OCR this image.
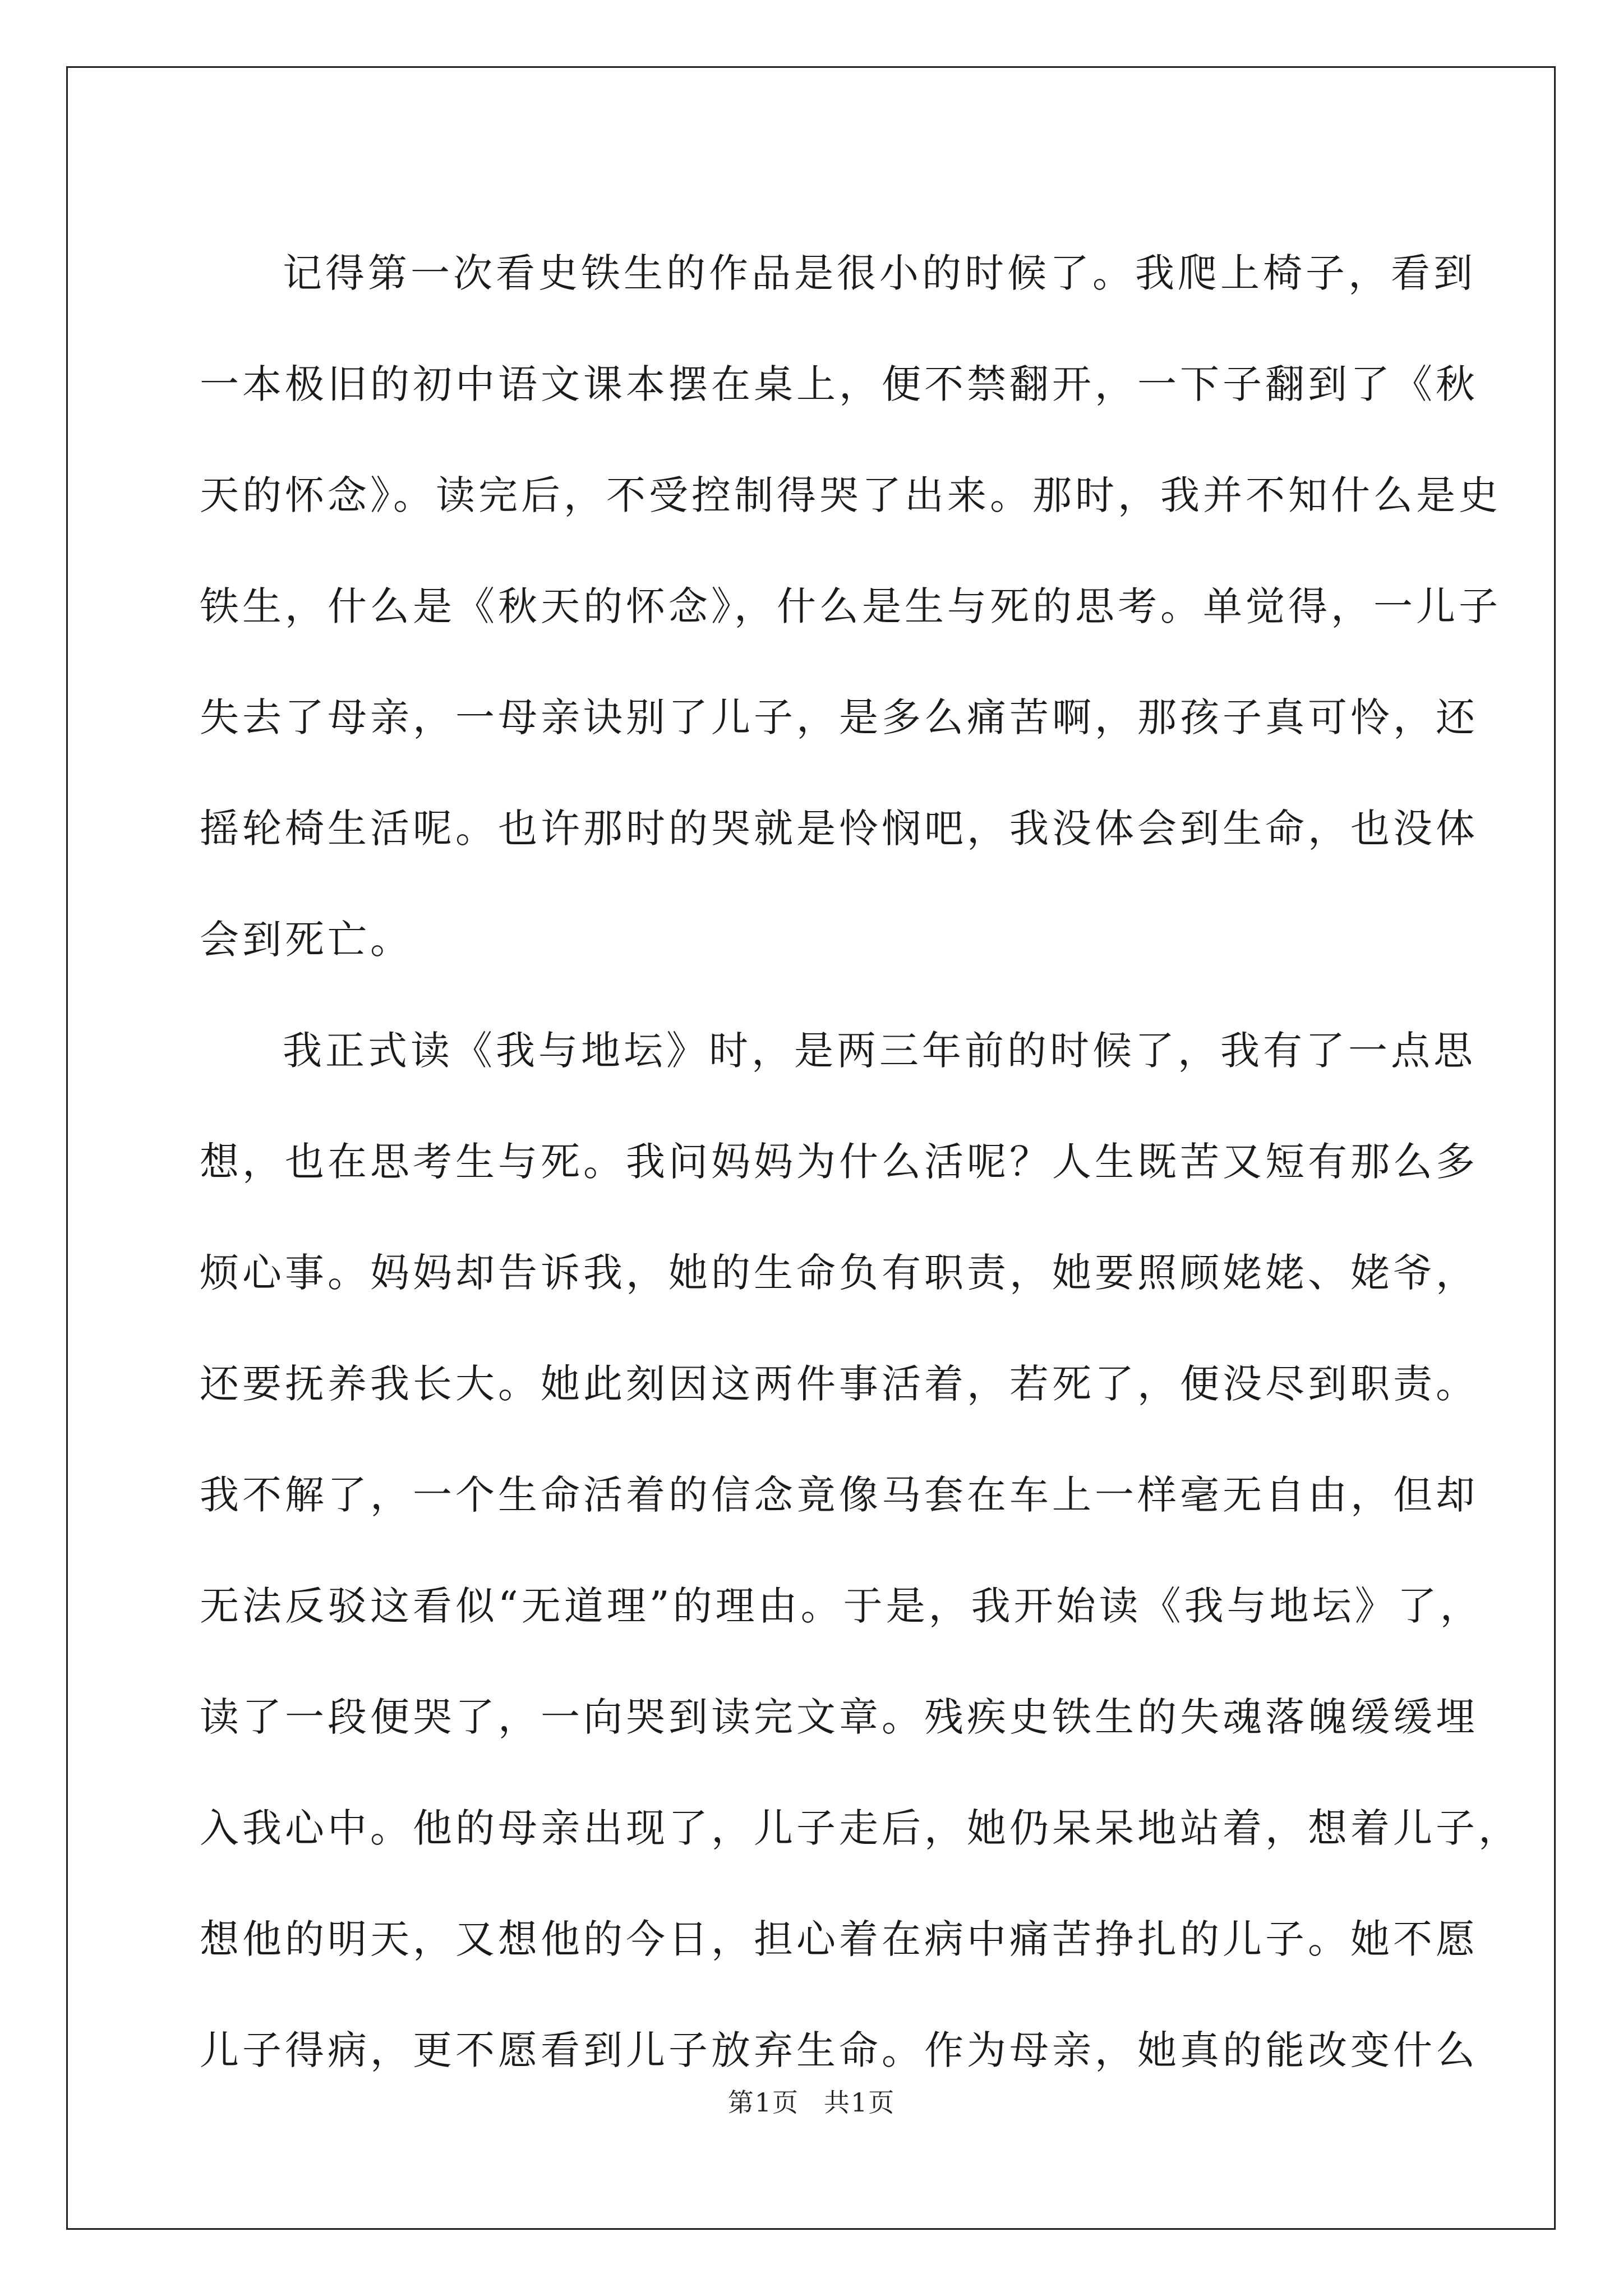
记得第一次看史铁生的作品是很小的时候了。我爬上椅子，看到
一本极旧的初中语文课本摆在桌上，便不禁翻开，一下子翻到了《秋
天的怀念》。读完后，不受控制得哭了出来。那时，我并不知什么是史
铁生，什么是《秋天的怀念》，什么是生与死的思考。单觉得，一儿子
失去了母亲，一母亲诀别了儿子，是多么痛苦啊，那孩子真可怜，还
摇轮椅生活呢。也许那时的哭就是怜悯吧，我没体会到生命，也没体
会到死亡。
我正式读《我与地坛》时，是两三年前的时候了，我有了一点思
想，也在思考生与死。我问妈妈为什么活呢？人生既苦又短有那么多
烦心事。妈妈却告诉我，她的生命负有职责，她要照顾姥姥、姥爷，
还要抚养我长大。她此刻因这两件事活着，若死了，便没尽到职责。
我不解了，一个生命活着的信念竟像马套在车上一样毫无自由，但却
无法反驳这看似“无道理”的理由。于是，我开始读《我与地坛》了，
读了一段便哭了，一向哭到读完文章。残疾史铁生的失魂落魄缓缓埋
入我心中。他的母亲出现了，儿子走后，她仍呆呆地站着，想着儿子，
想他的明天，又想他的今日，担心着在病中痛苦挣扎的儿子。她不愿
儿子得病，更不愿看到儿子放弃生命。作为母亲，她真的能改变什么
第1页 共1页
